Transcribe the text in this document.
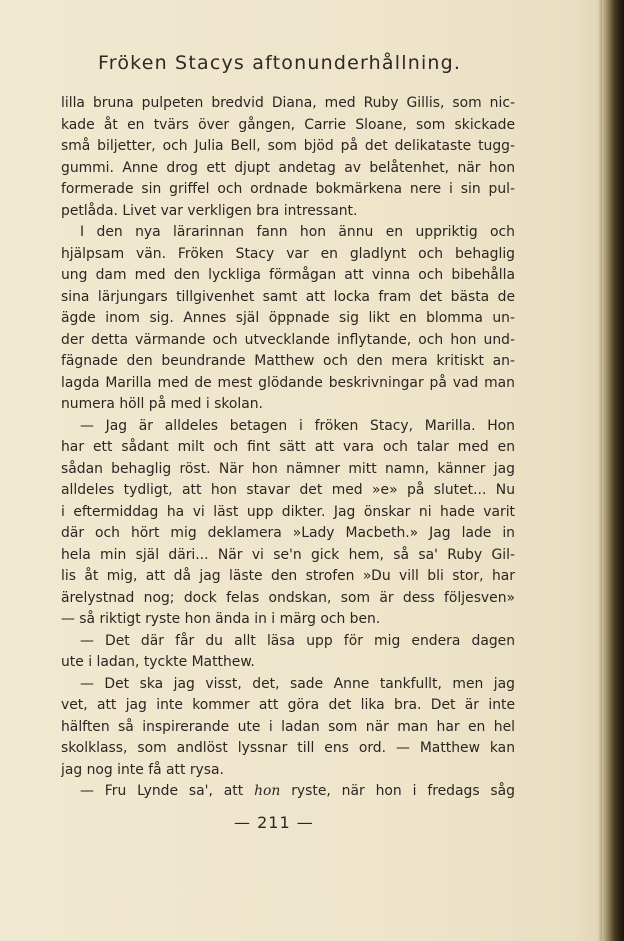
Fröken Stacys aftonunderhållning.
lilla bruna pulpeten bredvid Diana, med Ruby Gillis, som nic-
kade åt en tvärs över gången, Carrie Sloane, som skickade
små biljetter, och Julia Bell, som bjöd på det delikataste tugg-
gummi. Anne drog ett djupt andetag av belåtenhet, när hon
formerade sin griffel och ordnade bokmärkena nere i sin pul-
petlåda. Livet var verkligen bra intressant.
I den nya lärarinnan fann hon ännu en uppriktig och
hjälpsam vän. Fröken Stacy var en gladlynt och behaglig
ung dam med den lyckliga förmågan att vinna och bibehålla
sina lärjungars tillgivenhet samt att locka fram det bästa de
ägde inom sig. Annes själ öppnade sig likt en blomma un-
der detta värmande och utvecklande inflytande, och hon und-
fägnade den beundrande Matthew och den mera kritiskt an-
lagda Marilla med de mest glödande beskrivningar på vad man
numera höll på med i skolan.
— Jag är alldeles betagen i fröken Stacy, Marilla. Hon
har ett sådant milt och fint sätt att vara och talar med en
sådan behaglig röst. När hon nämner mitt namn, känner jag
alldeles tydligt, att hon stavar det med »e» på slutet... Nu
i eftermiddag ha vi läst upp dikter. Jag önskar ni hade varit
där och hört mig deklamera »Lady Macbeth.» Jag lade in
hela min själ däri... När vi se'n gick hem, så sa' Ruby Gil-
lis åt mig, att då jag läste den strofen »Du vill bli stor, har
ärelystnad nog; dock felas ondskan, som är dess följesven»
— så riktigt ryste hon ända in i märg och ben.
— Det där får du allt läsa upp för mig endera dagen
ute i ladan, tyckte Matthew.
— Det ska jag visst, det, sade Anne tankfullt, men jag
vet, att jag inte kommer att göra det lika bra. Det är inte
hälften så inspirerande ute i ladan som när man har en hel
skolklass, som andlöst lyssnar till ens ord. — Matthew kan
jag nog inte få att rysa.
— Fru Lynde sa', att hon ryste, när hon i fredags såg
— 211 —
